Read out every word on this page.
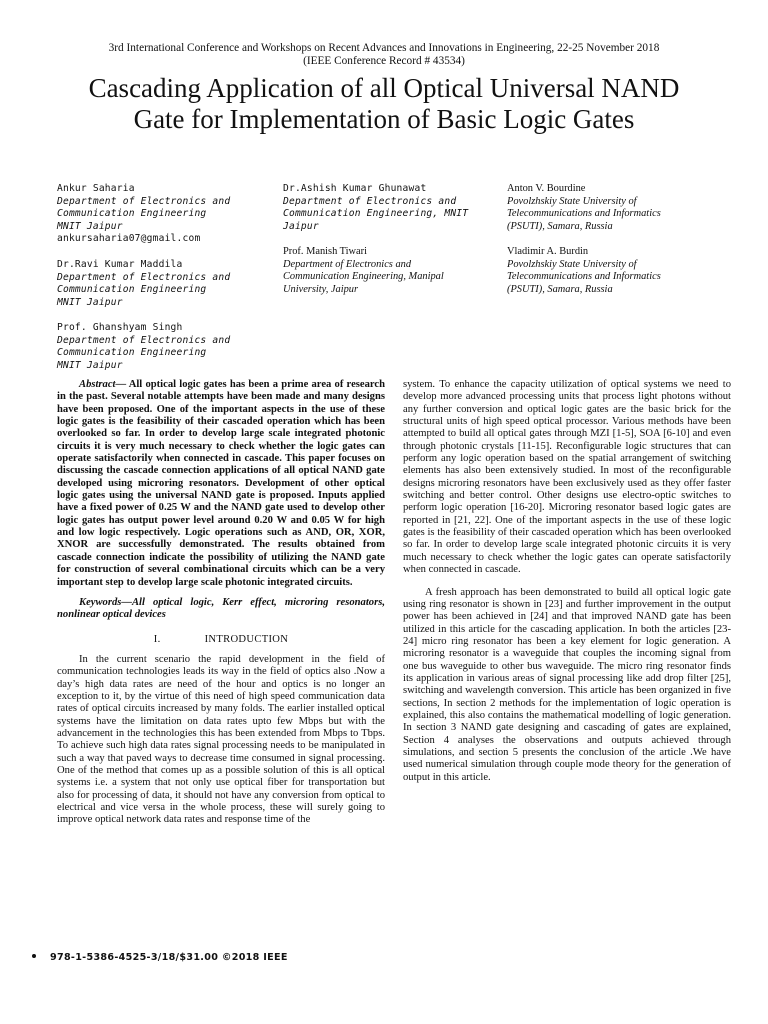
3rd International Conference and Workshops on Recent Advances and Innovations in Engineering, 22-25 November 2018
(IEEE Conference Record # 43534)
Cascading Application of all Optical Universal NAND Gate for Implementation of Basic Logic Gates
Ankur Saharia
Department of Electronics and
Communication Engineering
MNIT Jaipur
ankursaharia07@gmail.com
Dr.Ravi Kumar Maddila
Department of Electronics and
Communication Engineering
MNIT Jaipur
Prof. Ghanshyam Singh
Department of Electronics and
Communication Engineering
MNIT Jaipur
Dr.Ashish Kumar Ghunawat
Department of Electronics and
Communication Engineering, MNIT
Jaipur
Prof. Manish Tiwari
Department of Electronics and
Communication Engineering, Manipal
University, Jaipur
Anton V. Bourdine
Povolzhskiy State University of
Telecommunications and Informatics
(PSUTI), Samara, Russia
Vladimir A. Burdin
Povolzhskiy State University of
Telecommunications and Informatics
(PSUTI), Samara, Russia

Abstract— All optical logic gates has been a prime area of research in the past. Several notable attempts have been made and many designs have been proposed. One of the important aspects in the use of these logic gates is the feasibility of their cascaded operation which has been overlooked so far. In order to develop large scale integrated photonic circuits it is very much necessary to check whether the logic gates can operate satisfactorily when connected in cascade. This paper focuses on discussing the cascade connection applications of all optical NAND gate developed using microring resonators. Development of other optical logic gates using the universal NAND gate is proposed. Inputs applied have a fixed power of 0.25 W and the NAND gate used to develop other logic gates has output power level around 0.20 W and 0.05 W for high and low logic respectively. Logic operations such as AND, OR, XOR, XNOR are successfully demonstrated. The results obtained from cascade connection indicate the possibility of utilizing the NAND gate for construction of several combinational circuits which can be a very important step to develop large scale photonic integrated circuits.

Keywords—All optical logic, Kerr effect, microring resonators, nonlinear optical devices

I.	INTRODUCTION

In the current scenario the rapid development in the field of communication technologies leads its way in the field of optics also .Now a day’s high data rates are need of the hour and optics is no longer an exception to it, by the virtue of this need of high speed communication data rates of optical circuits increased by many folds. The earlier installed optical systems have the limitation on data rates upto few Mbps but with the advancement in the technologies this has been extended from Mbps to Tbps. To achieve such high data rates signal processing needs to be manipulated in such a way that paved ways to decrease time consumed in signal processing. One of the method that comes up as a possible solution of this is all optical systems i.e. a system that not only use optical fiber for transportation but also for processing of data, it should not have any conversion from optical to electrical and vice versa in the whole process, these will surely going to improve optical network data rates and response time of the

system. To enhance the capacity utilization of optical systems we need to develop more advanced processing units that process light photons without any further conversion and optical logic gates are the basic brick for the structural units of high speed optical processor. Various methods have been attempted to build all optical gates through MZI [1-5], SOA [6-10] and even through photonic crystals [11-15]. Reconfigurable logic structures that can perform any logic operation based on the spatial arrangement of switching elements has also been extensively studied. In most of the reconfigurable designs microring resonators have been exclusively used as they offer faster switching and better control. Other designs use electro-optic switches to perform logic operation [16-20]. Microring resonator based logic gates are reported in [21, 22]. One of the important aspects in the use of these logic gates is the feasibility of their cascaded operation which has been overlooked so far. In order to develop large scale integrated photonic circuits it is very much necessary to check whether the logic gates can operate satisfactorily when connected in cascade.

A fresh approach has been demonstrated to build all optical logic gate using ring resonator is shown in [23] and further improvement in the output power has been achieved in [24] and that improved NAND gate has been utilized in this article for the cascading application. In both the articles [23-24] micro ring resonator has been a key element for logic generation. A microring resonator is a waveguide that couples the incoming signal from one bus waveguide to other bus waveguide. The micro ring resonator finds its application in various areas of signal processing like add drop filter [25], switching and wavelength conversion. This article has been organized in five sections, In section 2 methods for the implementation of logic operation is explained, this also contains the mathematical modelling of logic generation. In section 3 NAND gate designing and cascading of gates are explained, Section 4 analyses the observations and outputs achieved through simulations, and section 5 presents the conclusion of the article .We have used numerical simulation through couple mode theory for the generation of output in this article.

978-1-5386-4525-3/18/$31.00 ©2018 IEEE
